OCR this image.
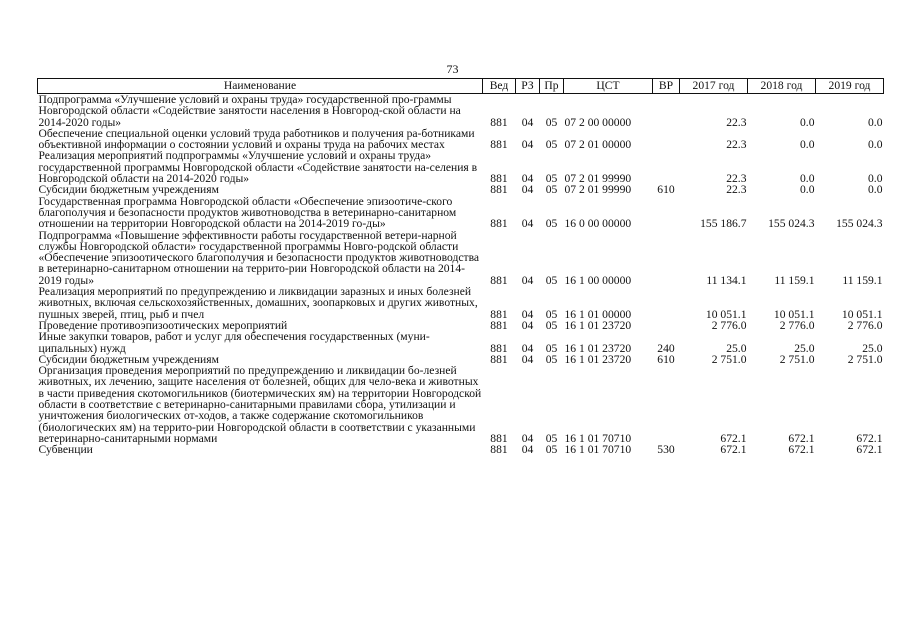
73
Наименование	Вед	РЗ	Пр	ЦСТ	ВР	2017 год	2018 год	2019 год
Подпрограмма «Улучшение условий и охраны труда» государственной про-граммы Новгородской области «Содействие занятости населения в Новгород-ской области на 2014-2020 годы»	881	04	05	07 2 00 00000		22.3	0.0	0.0
Обеспечение специальной оценки условий труда работников и получения ра-ботниками объективной информации о состоянии условий и охраны труда на рабочих местах	881	04	05	07 2 01 00000		22.3	0.0	0.0
Реализация мероприятий подпрограммы «Улучшение условий и охраны труда» государственной программы Новгородской области «Содействие занятости на-селения в Новгородской области на 2014-2020 годы»	881	04	05	07 2 01 99990		22.3	0.0	0.0
Субсидии бюджетным учреждениям	881	04	05	07 2 01 99990	610	22.3	0.0	0.0
Государственная программа Новгородской области «Обеспечение эпизоотиче-ского благополучия и безопасности продуктов животноводства в ветеринарно-санитарном отношении на территории Новгородской области на 2014-2019 го-ды»	881	04	05	16 0 00 00000		155 186.7	155 024.3	155 024.3
Подпрограмма «Повышение эффективности работы государственной ветери-нарной службы Новгородской области» государственной программы Новго-родской области «Обеспечение эпизоотического благополучия и безопасности продуктов животноводства в ветеринарно-санитарном отношении на террито-рии Новгородской области на 2014-2019 годы»	881	04	05	16 1 00 00000		11 134.1	11 159.1	11 159.1
Реализация мероприятий по предупреждению и ликвидации заразных и иных болезней животных, включая сельскохозяйственных, домашних, зоопарковых и других животных, пушных зверей, птиц, рыб и пчел	881	04	05	16 1 01 00000		10 051.1	10 051.1	10 051.1
Проведение противоэпизоотических мероприятий	881	04	05	16 1 01 23720		2 776.0	2 776.0	2 776.0
Иные закупки товаров, работ и услуг для обеспечения государственных (муни-ципальных) нужд	881	04	05	16 1 01 23720	240	25.0	25.0	25.0
Субсидии бюджетным учреждениям	881	04	05	16 1 01 23720	610	2 751.0	2 751.0	2 751.0
Организация проведения мероприятий по предупреждению и ликвидации бо-лезней животных, их лечению, защите населения от болезней, общих для чело-века и животных в части приведения скотомогильников (биотермических ям) на территории Новгородской области в соответствие с ветеринарно-санитарными правилами сбора, утилизации и уничтожения биологических от-ходов, а также содержание скотомогильников (биологических ям) на террито-рии Новгородской области в соответствии с указанными ветеринарно-санитарными нормами	881	04	05	16 1 01 70710		672.1	672.1	672.1
Субвенции	881	04	05	16 1 01 70710	530	672.1	672.1	672.1
